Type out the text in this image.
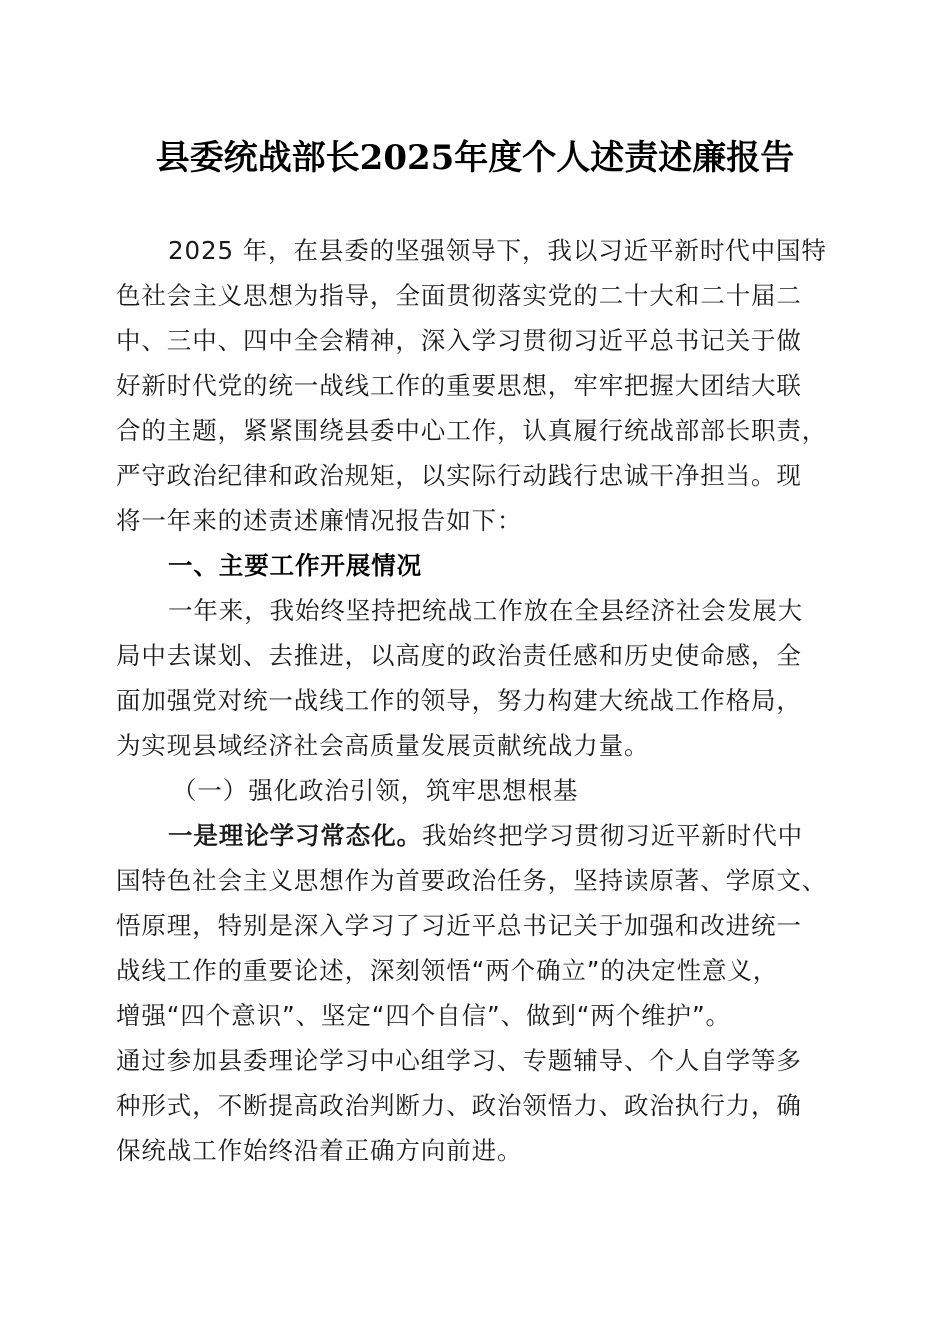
县委统战部长2025年度个人述责述廉报告
2025 年，在县委的坚强领导下，我以习近平新时代中国特
色社会主义思想为指导，全面贯彻落实党的二十大和二十届二
中、三中、四中全会精神，深入学习贯彻习近平总书记关于做
好新时代党的统一战线工作的重要思想，牢牢把握大团结大联
合的主题，紧紧围绕县委中心工作，认真履行统战部部长职责，
严守政治纪律和政治规矩，以实际行动践行忠诚干净担当。现
将一年来的述责述廉情况报告如下：
一、主要工作开展情况
一年来，我始终坚持把统战工作放在全县经济社会发展大
局中去谋划、去推进，以高度的政治责任感和历史使命感，全
面加强党对统一战线工作的领导，努力构建大统战工作格局，
为实现县域经济社会高质量发展贡献统战力量。
（一）强化政治引领，筑牢思想根基
一是理论学习常态化。我始终把学习贯彻习近平新时代中
国特色社会主义思想作为首要政治任务，坚持读原著、学原文、
悟原理，特别是深入学习了习近平总书记关于加强和改进统一
战线工作的重要论述，深刻领悟“两个确立”的决定性意义，
增强“四个意识”、坚定“四个自信”、做到“两个维护”。
通过参加县委理论学习中心组学习、专题辅导、个人自学等多
种形式，不断提高政治判断力、政治领悟力、政治执行力，确
保统战工作始终沿着正确方向前进。
